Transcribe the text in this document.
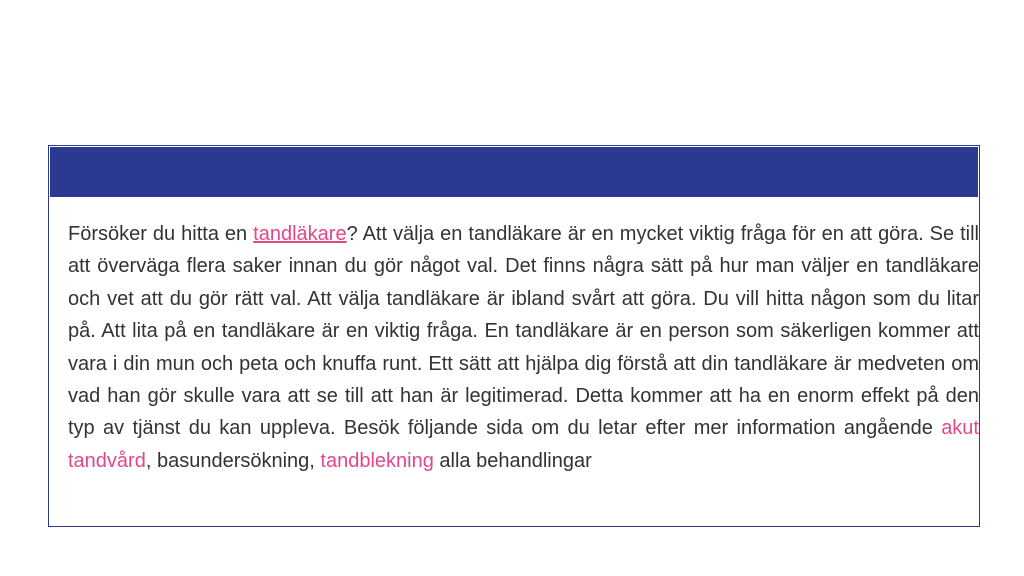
Försöker du hitta en tandläkare? Att välja en tandläkare är en mycket viktig fråga för en att göra. Se till att överväga flera saker innan du gör något val. Det finns några sätt på hur man väljer en tandläkare och vet att du gör rätt val. Att välja tandläkare är ibland svårt att göra. Du vill hitta någon som du litar på. Att lita på en tandläkare är en viktig fråga. En tandläkare är en person som säkerligen kommer att vara i din mun och peta och knuffa runt. Ett sätt att hjälpa dig förstå att din tandläkare är medveten om vad han gör skulle vara att se till att han är legitimerad. Detta kommer att ha en enorm effekt på den typ av tjänst du kan uppleva. Besök följande sida om du letar efter mer information angående akut tandvård, basundersökning, tandblekning alla behandlingar
